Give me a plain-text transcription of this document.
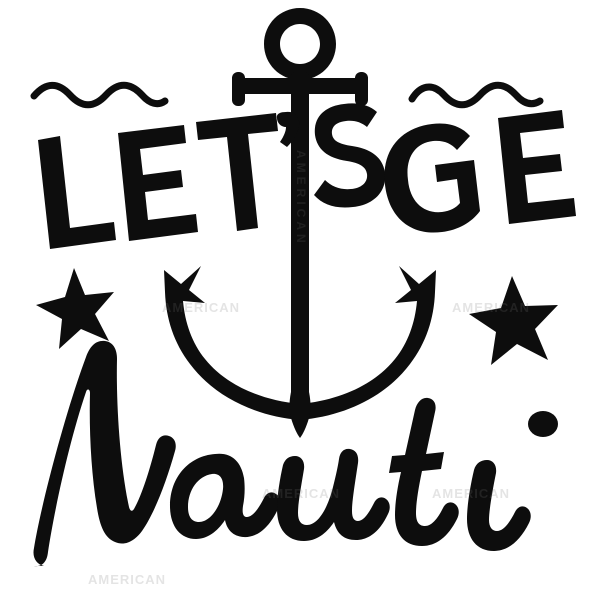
AMERICAN
AMERICAN
AMERICAN
AMERICAN
AMERICAN
